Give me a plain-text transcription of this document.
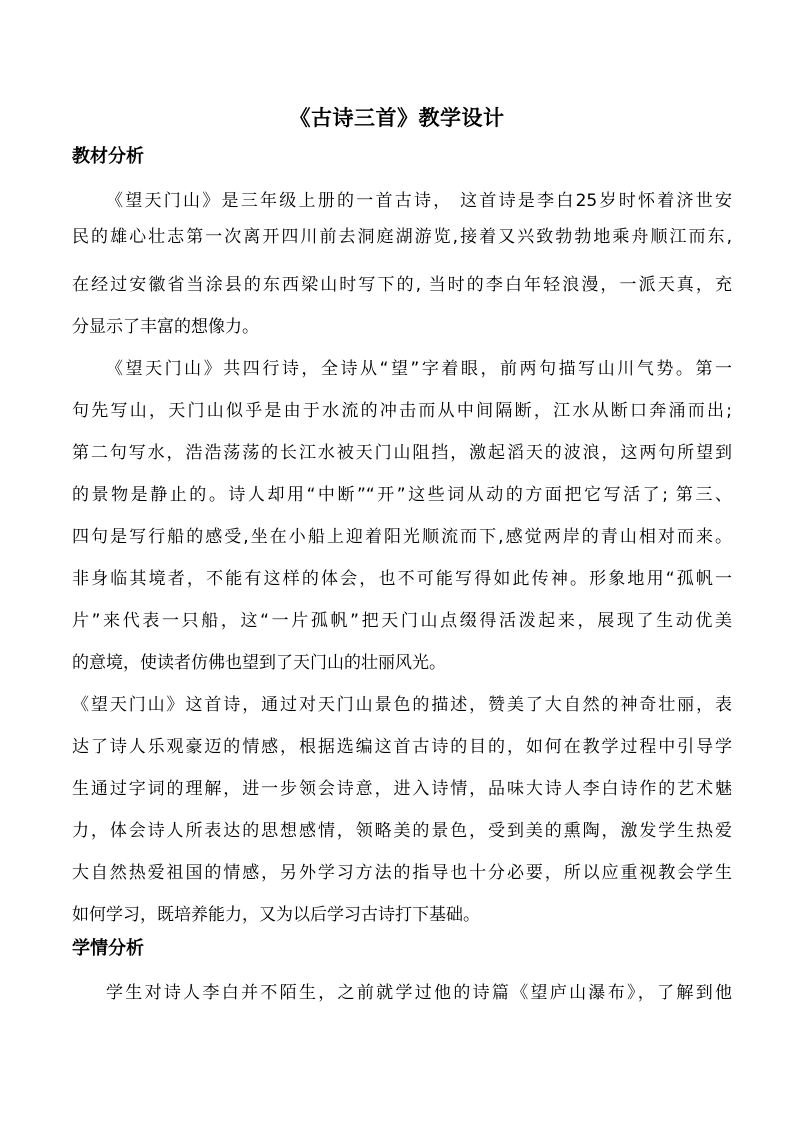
《古诗三首》教学设计
教材分析
《望天门山》是三年级上册的一首古诗， 这首诗是李白25岁时怀着济世安
民的雄心壮志第一次离开四川前去洞庭湖游览,接着又兴致勃勃地乘舟顺江而东,
在经过安徽省当涂县的东西梁山时写下的, 当时的李白年轻浪漫，一派天真，充
分显示了丰富的想像力。
《望天门山》共四行诗，全诗从“望”字着眼，前两句描写山川气势。第一
句先写山，天门山似乎是由于水流的冲击而从中间隔断，江水从断口奔涌而出;
第二句写水，浩浩荡荡的长江水被天门山阻挡，激起滔天的波浪，这两句所望到
的景物是静止的。诗人却用“中断”“开”这些词从动的方面把它写活了; 第三、
四句是写行船的感受,坐在小船上迎着阳光顺流而下,感觉两岸的青山相对而来。
非身临其境者，不能有这样的体会，也不可能写得如此传神。形象地用“孤帆一
片”来代表一只船，这“一片孤帆”把天门山点缀得活泼起来，展现了生动优美
的意境，使读者仿佛也望到了天门山的壮丽风光。
《望天门山》这首诗，通过对天门山景色的描述，赞美了大自然的神奇壮丽，表
达了诗人乐观豪迈的情感，根据选编这首古诗的目的，如何在教学过程中引导学
生通过字词的理解，进一步领会诗意，进入诗情，品味大诗人李白诗作的艺术魅
力，体会诗人所表达的思想感情，领略美的景色，受到美的熏陶，激发学生热爱
大自然热爱祖国的情感，另外学习方法的指导也十分必要，所以应重视教会学生
如何学习，既培养能力，又为以后学习古诗打下基础。
学情分析
学生对诗人李白并不陌生，之前就学过他的诗篇《望庐山瀑布》，了解到他
